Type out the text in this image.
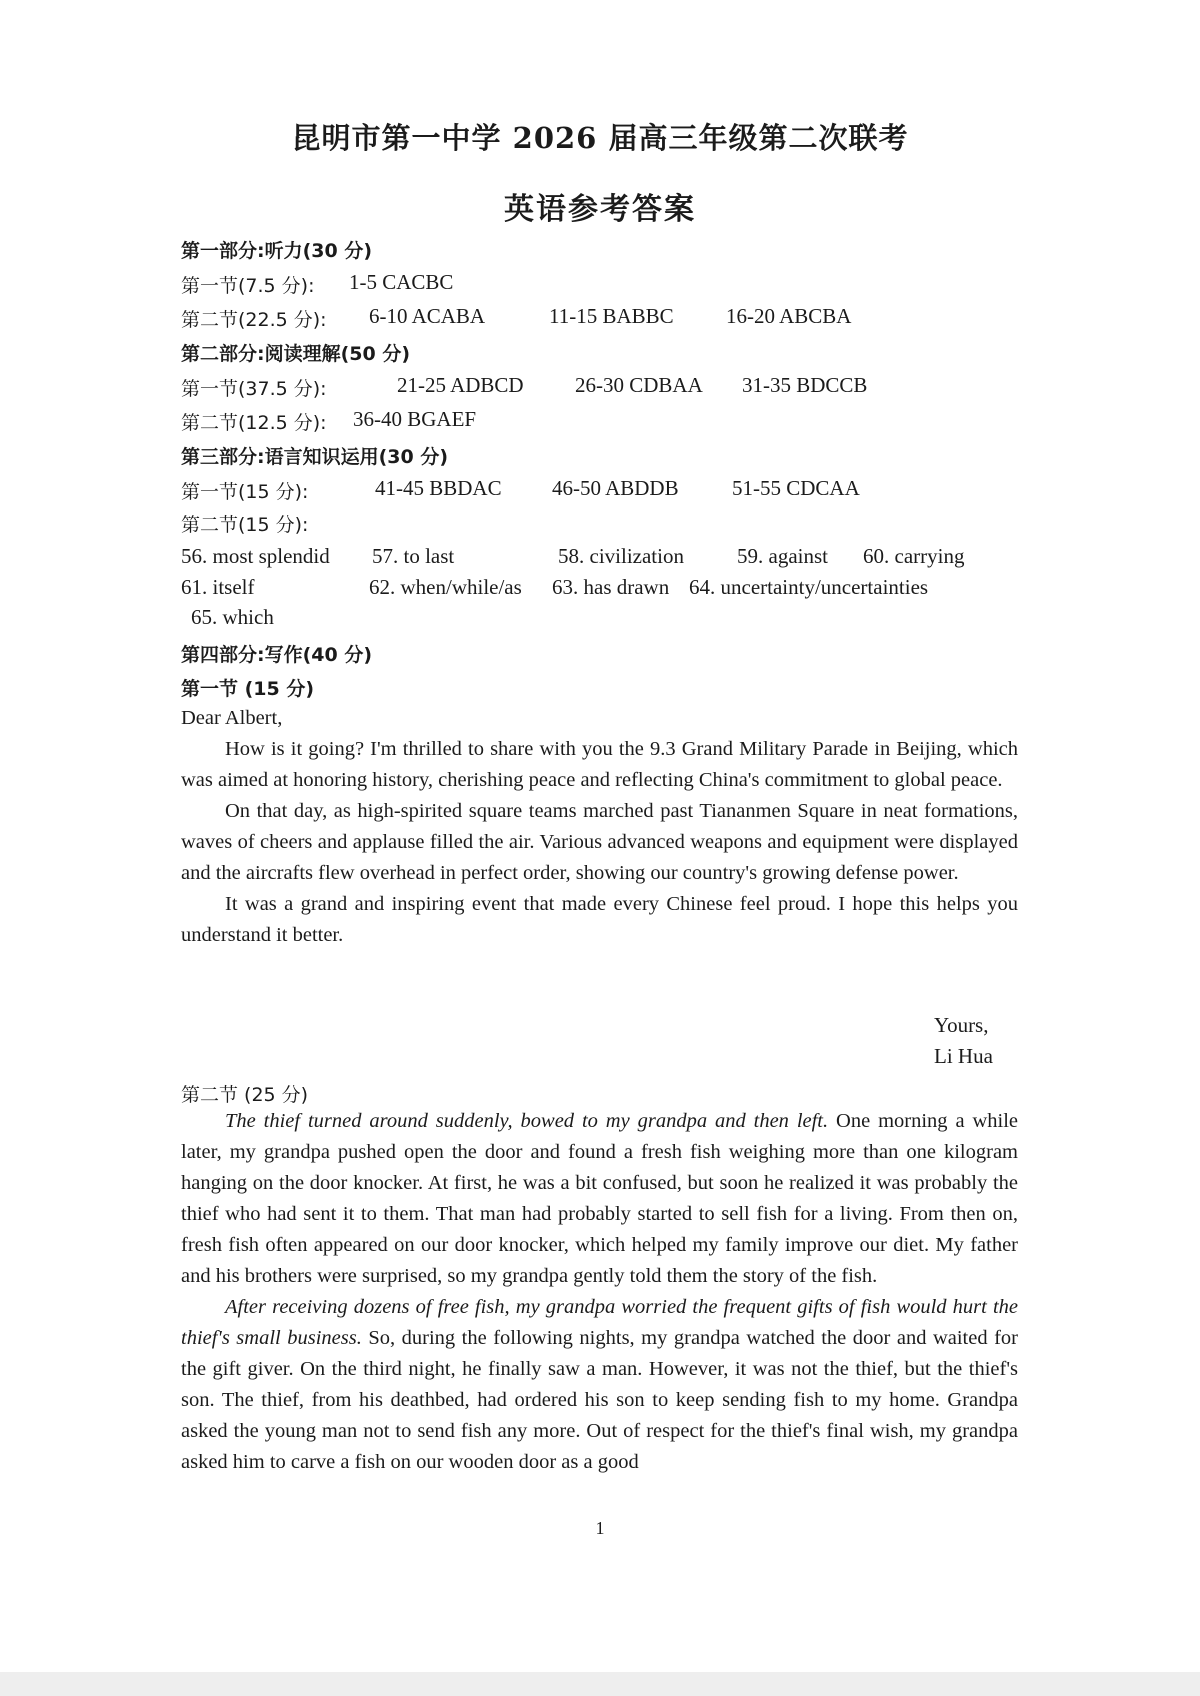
昆明市第一中学 2026 届高三年级第二次联考
英语参考答案
第一部分:听力(30 分)
第一节(7.5 分): 1-5 CACBC
第二节(22.5 分): 6-10 ACABA	11-15 BABBC 16-20 ABCBA
第二部分:阅读理解(50 分)
第一节(37.5 分):	21-25 ADBCD 26-30 CDBAA 31-35 BDCCB
第二节(12.5 分): 36-40 BGAEF
第三部分:语言知识运用(30 分)
第一节(15 分):	41-45 BBDAC 46-50 ABDDB	51-55 CDCAA
第二节(15 分):
56. most splendid 57. to last	58. civilization	59. against 60. carrying
61. itself	62. when/while/as 63. has drawn 64. uncertainty/uncertainties
65. which
第四部分:写作(40 分)
第一节 (15 分)

Dear Albert,

How is it going? I'm thrilled to share with you the 9.3 Grand Military Parade in Beijing, which was aimed at honoring history, cherishing peace and reflecting China's commitment to global peace.

On that day, as high-spirited square teams marched past Tiananmen Square in neat formations, waves of cheers and applause filled the air. Various advanced weapons and equipment were displayed and the aircrafts flew overhead in perfect order, showing our country's growing defense power.

It was a grand and inspiring event that made every Chinese feel proud. I hope this helps you understand it better.

Yours,
Li Hua
第二节 (25 分)

The thief turned around suddenly, bowed to my grandpa and then left. One morning a while later, my grandpa pushed open the door and found a fresh fish weighing more than one kilogram hanging on the door knocker. At first, he was a bit confused, but soon he realized it was probably the thief who had sent it to them. That man had probably started to sell fish for a living. From then on, fresh fish often appeared on our door knocker, which helped my family improve our diet. My father and his brothers were surprised, so my grandpa gently told them the story of the fish.

After receiving dozens of free fish, my grandpa worried the frequent gifts of fish would hurt the thief's small business. So, during the following nights, my grandpa watched the door and waited for the gift giver. On the third night, he finally saw a man. However, it was not the thief, but the thief's son. The thief, from his deathbed, had ordered his son to keep sending fish to my home. Grandpa asked the young man not to send fish any more. Out of respect for the thief's final wish, my grandpa asked him to carve a fish on our wooden door as a good

1
